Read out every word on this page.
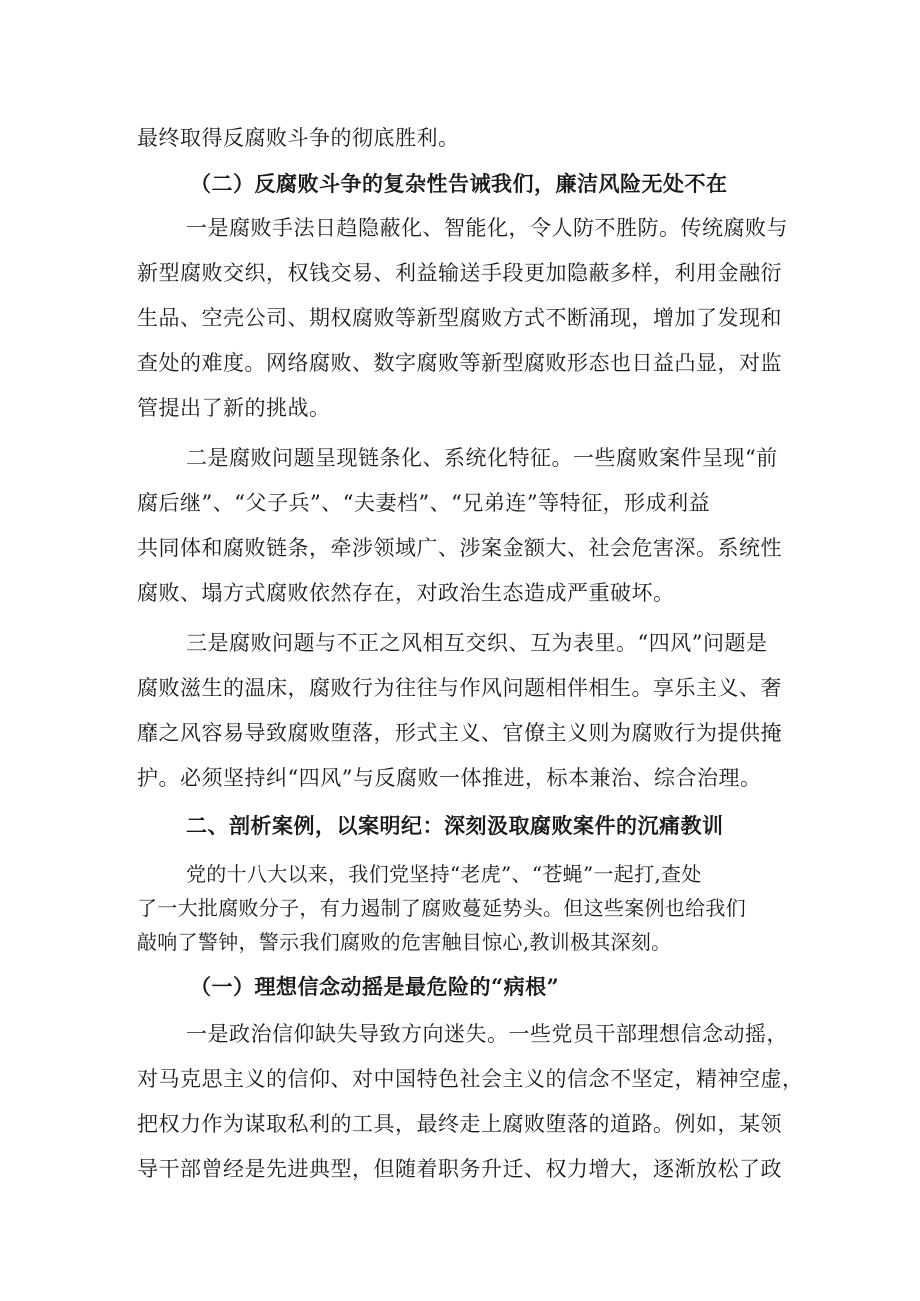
最终取得反腐败斗争的彻底胜利。
（二）反腐败斗争的复杂性告诫我们，廉洁风险无处不在
一是腐败手法日趋隐蔽化、智能化，令人防不胜防。传统腐败与
新型腐败交织，权钱交易、利益输送手段更加隐蔽多样，利用金融衍
生品、空壳公司、期权腐败等新型腐败方式不断涌现，增加了发现和
查处的难度。网络腐败、数字腐败等新型腐败形态也日益凸显，对监
管提出了新的挑战。
二是腐败问题呈现链条化、系统化特征。一些腐败案件呈现“前
腐后继”、“父子兵”、“夫妻档”、“兄弟连”等特征，形成利益
共同体和腐败链条，牵涉领域广、涉案金额大、社会危害深。系统性
腐败、塌方式腐败依然存在，对政治生态造成严重破坏。
三是腐败问题与不正之风相互交织、互为表里。“四风”问题是
腐败滋生的温床，腐败行为往往与作风问题相伴相生。享乐主义、奢
靡之风容易导致腐败堕落，形式主义、官僚主义则为腐败行为提供掩
护。必须坚持纠“四风”与反腐败一体推进，标本兼治、综合治理。
二、剖析案例，以案明纪：深刻汲取腐败案件的沉痛教训
党的十八大以来，我们党坚持“老虎”、“苍蝇”一起打,查处
了一大批腐败分子，有力遏制了腐败蔓延势头。但这些案例也给我们
敲响了警钟，警示我们腐败的危害触目惊心,教训极其深刻。
（一）理想信念动摇是最危险的“病根”
一是政治信仰缺失导致方向迷失。一些党员干部理想信念动摇，
对马克思主义的信仰、对中国特色社会主义的信念不坚定，精神空虚，
把权力作为谋取私利的工具，最终走上腐败堕落的道路。例如，某领
导干部曾经是先进典型，但随着职务升迁、权力增大，逐渐放松了政
